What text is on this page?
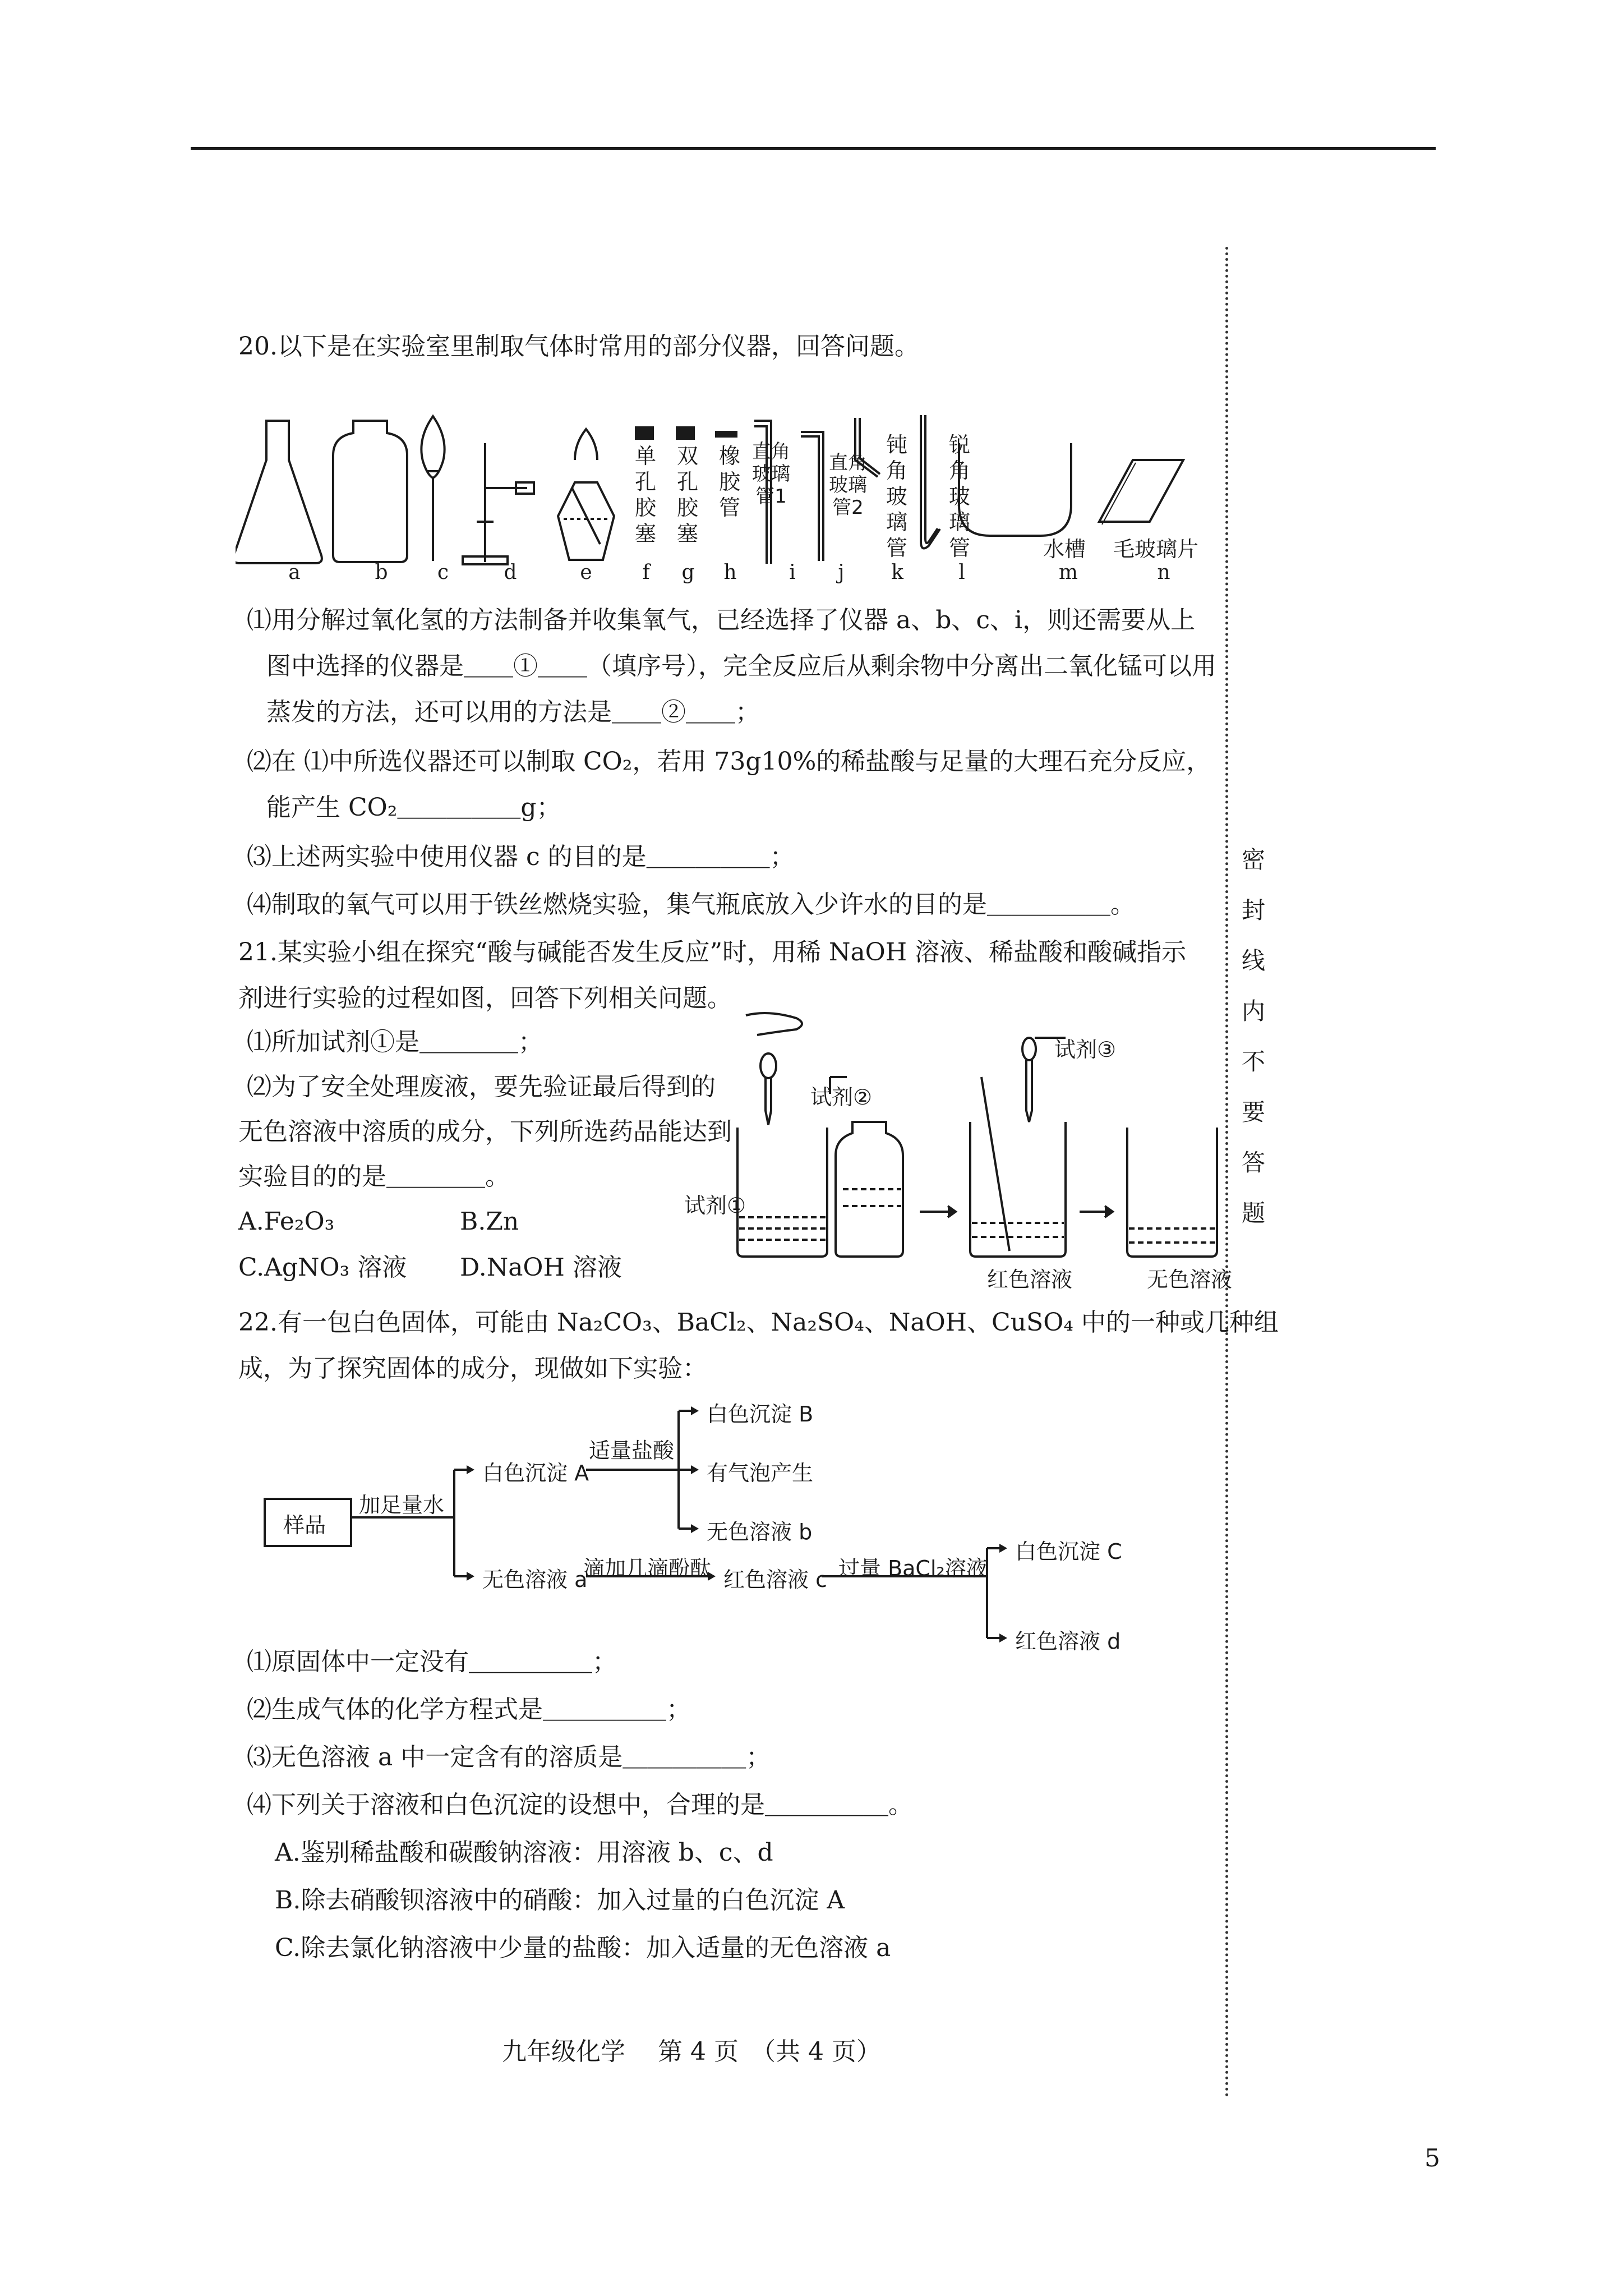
20.以下是在实验室里制取气体时常用的部分仪器，回答问题。
单孔胶塞
双孔胶塞
橡胶管
直角玻璃管1
直角玻璃管2
钝角玻璃管
锐角玻璃管	水槽 毛玻璃片
a	b c	d	e	f	g h	i	j	k	l	m	n
⑴用分解过氧化氢的方法制备并收集氧气，已经选择了仪器 a、b、c、i，则还需要从上
图中选择的仪器是＿＿①＿＿（填序号），完全反应后从剩余物中分离出二氧化锰可以用
蒸发的方法，还可以用的方法是＿＿②＿＿；
⑵在 ⑴中所选仪器还可以制取 CO₂，若用 73g10%的稀盐酸与足量的大理石充分反应，
能产生 CO₂＿＿＿＿＿g；
⑶上述两实验中使用仪器 c 的目的是＿＿＿＿＿；
⑷制取的氧气可以用于铁丝燃烧实验，集气瓶底放入少许水的目的是＿＿＿＿＿。
21.某实验小组在探究“酸与碱能否发生反应”时，用稀 NaOH 溶液、稀盐酸和酸碱指示
剂进行实验的过程如图，回答下列相关问题。
⑴所加试剂①是＿＿＿＿；
⑵为了安全处理废液，要先验证最后得到的
无色溶液中溶质的成分，下列所选药品能达到
实验目的的是＿＿＿＿。
A.Fe₂O₃	B.Zn
C.AgNO₃ 溶液 D.NaOH 溶液
试剂①
试剂②
试剂③
红色溶液	无色溶液
22.有一包白色固体，可能由 Na₂CO₃、BaCl₂、Na₂SO₄、NaOH、CuSO₄ 中的一种或几种组
成，为了探究固体的成分，现做如下实验：
样品
加足量水
白色沉淀 A
适量盐酸
白色沉淀 B
有气泡产生
无色溶液 b
无色溶液 a
滴加几滴酚酞 红色溶液 c 过量 BaCl₂溶液
白色沉淀 C
红色溶液 d
⑴原固体中一定没有＿＿＿＿＿；
⑵生成气体的化学方程式是＿＿＿＿＿；
⑶无色溶液 a 中一定含有的溶质是＿＿＿＿＿；
⑷下列关于溶液和白色沉淀的设想中，合理的是＿＿＿＿＿。
A.鉴别稀盐酸和碳酸钠溶液：用溶液 b、c、d
B.除去硝酸钡溶液中的硝酸：加入过量的白色沉淀 A
C.除去氯化钠溶液中少量的盐酸：加入适量的无色溶液 a
密
封
线
内
不
要
答
题
九年级化学　 第 4 页　（共 4 页）
5
